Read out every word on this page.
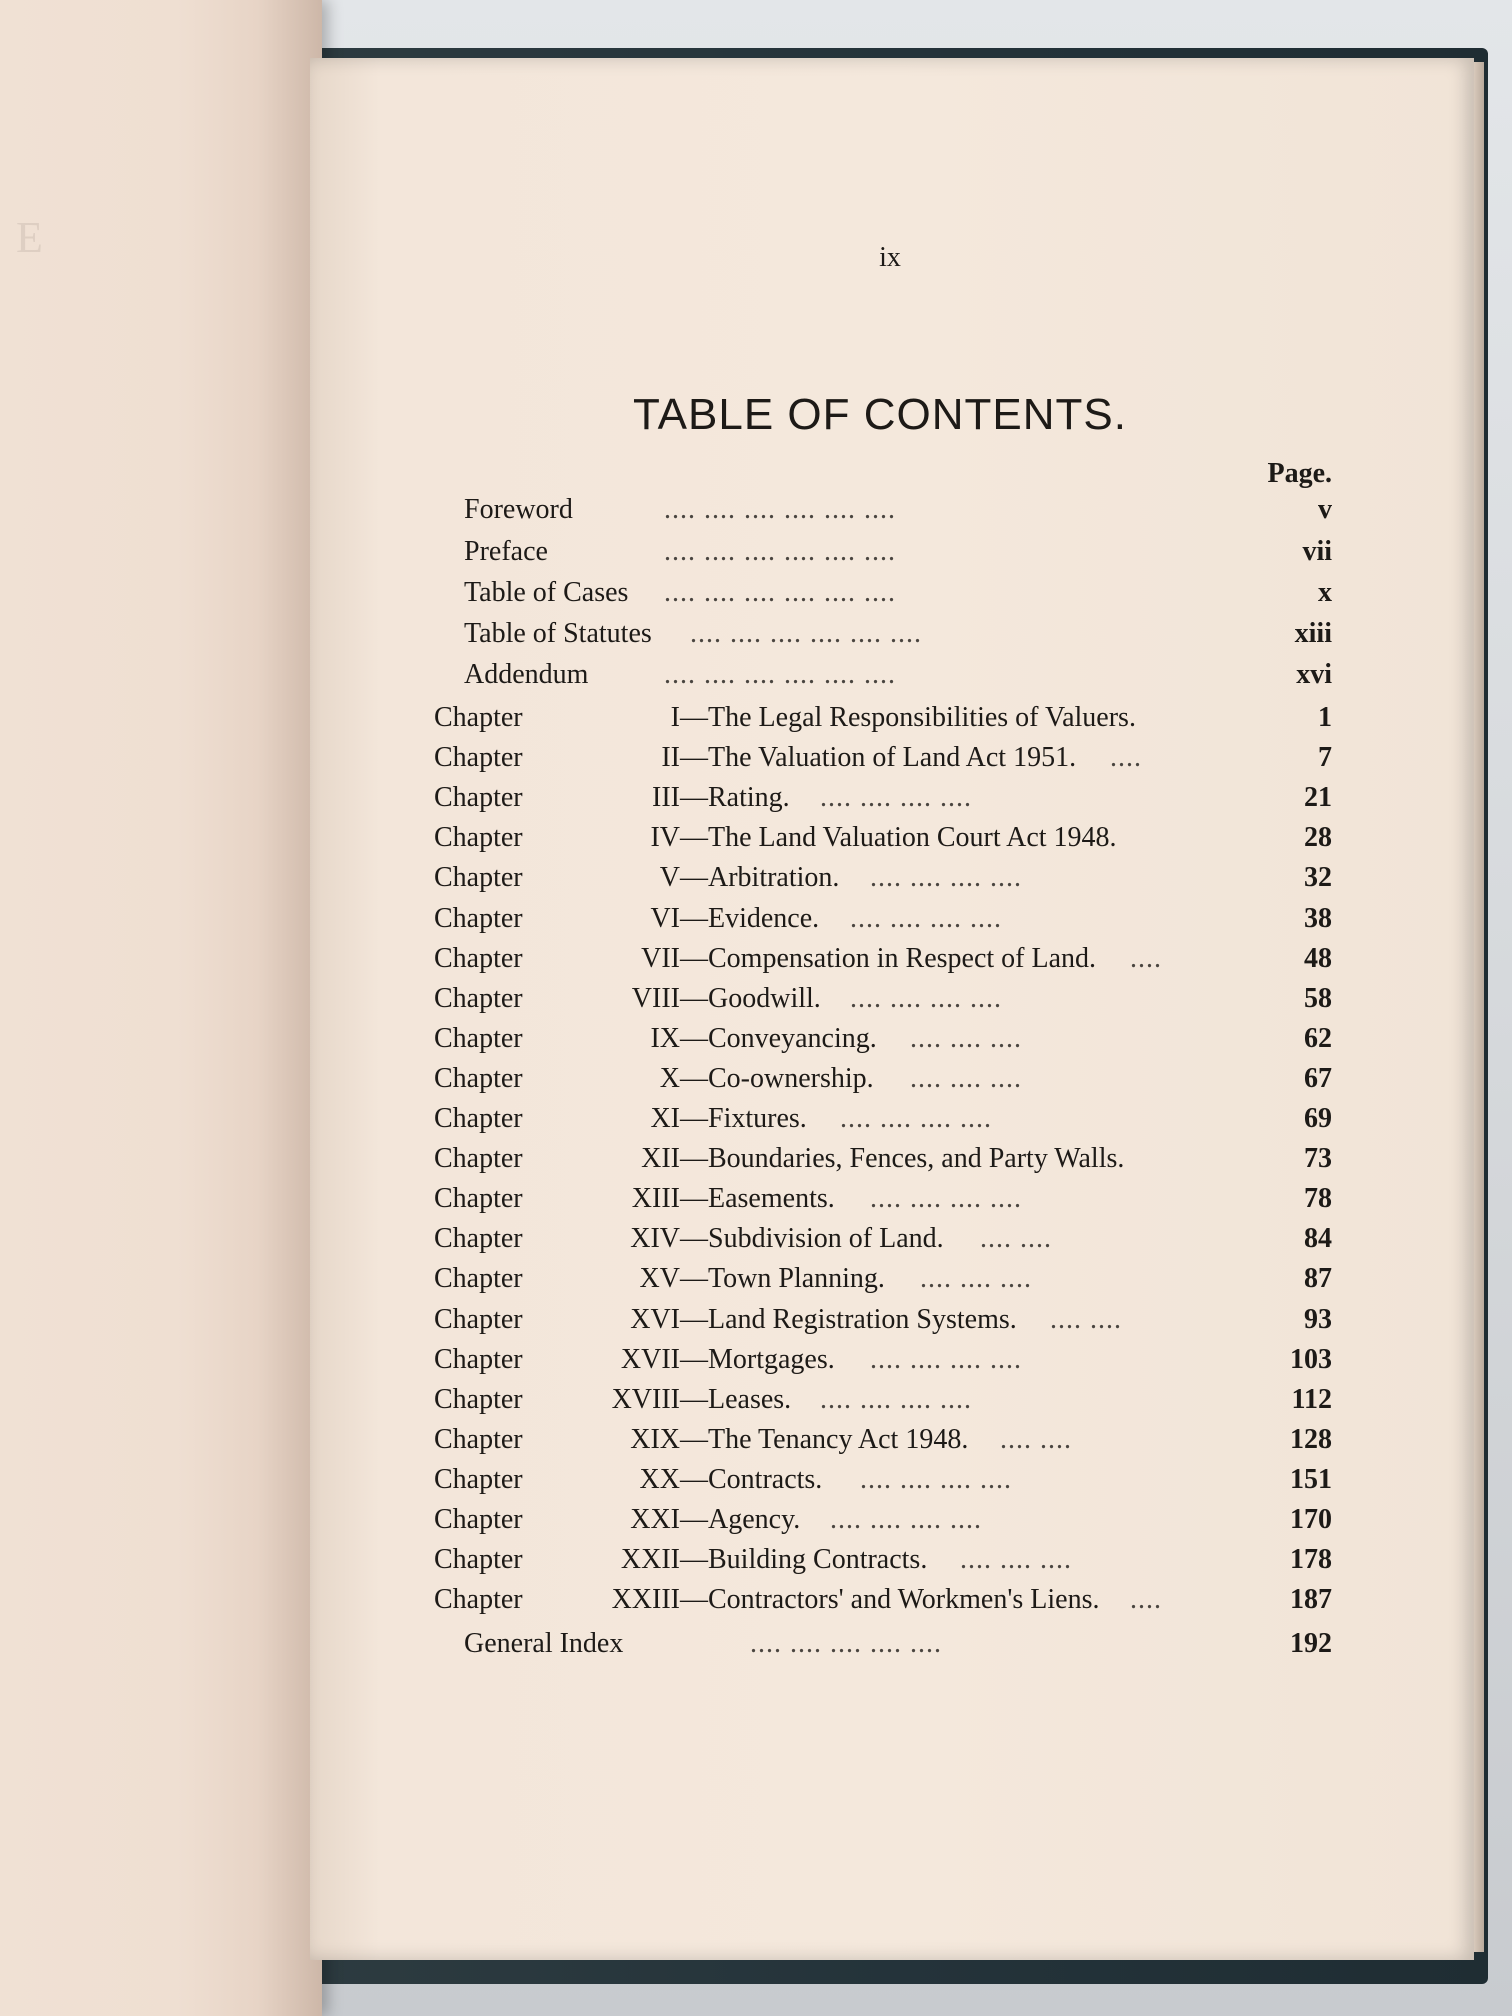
E	ix
TABLE OF CONTENTS.
Page.
Foreword	.... .... .... .... .... ....	v
Preface	.... .... .... .... .... ....	vii
Table of Cases .... .... .... .... .... ....	x
Table of Statutes .... .... .... .... .... ....	xiii
Addendum	.... .... .... .... .... ....	xvi
Chapter	I —The Legal Responsibilities of Valuers.	1
Chapter	II —The Valuation of Land Act 1951. ....	7
Chapter	III —Rating. .... .... .... ....	21
Chapter	IV —The Land Valuation Court Act 1948.	28
Chapter	V —Arbitration. .... .... .... ....	32
Chapter	VI —Evidence. .... .... .... ....	38
Chapter	VII —Compensation in Respect of Land. ....	48
Chapter	VIII —Goodwill. .... .... .... ....	58
Chapter	IX —Conveyancing. .... .... ....	62
Chapter	X —Co-ownership. .... .... ....	67
Chapter	XI —Fixtures. .... .... .... ....	69
Chapter	XII —Boundaries, Fences, and Party Walls.	73
Chapter	XIII —Easements. .... .... .... ....	78
Chapter	XIV —Subdivision of Land. .... ....	84
Chapter	XV —Town Planning. .... .... ....	87
Chapter	XVI —Land Registration Systems. .... ....	93
Chapter	XVII —Mortgages. .... .... .... ....	103
Chapter	XVIII —Leases. .... .... .... ....	112
Chapter	XIX —The Tenancy Act 1948. .... ....	128
Chapter	XX —Contracts. .... .... .... ....	151
Chapter	XXI —Agency. .... .... .... ....	170
Chapter	XXII —Building Contracts. .... .... ....	178
Chapter	XXIII —Contractors' and Workmen's Liens. ....	187
General Index	.... .... .... .... ....	192
